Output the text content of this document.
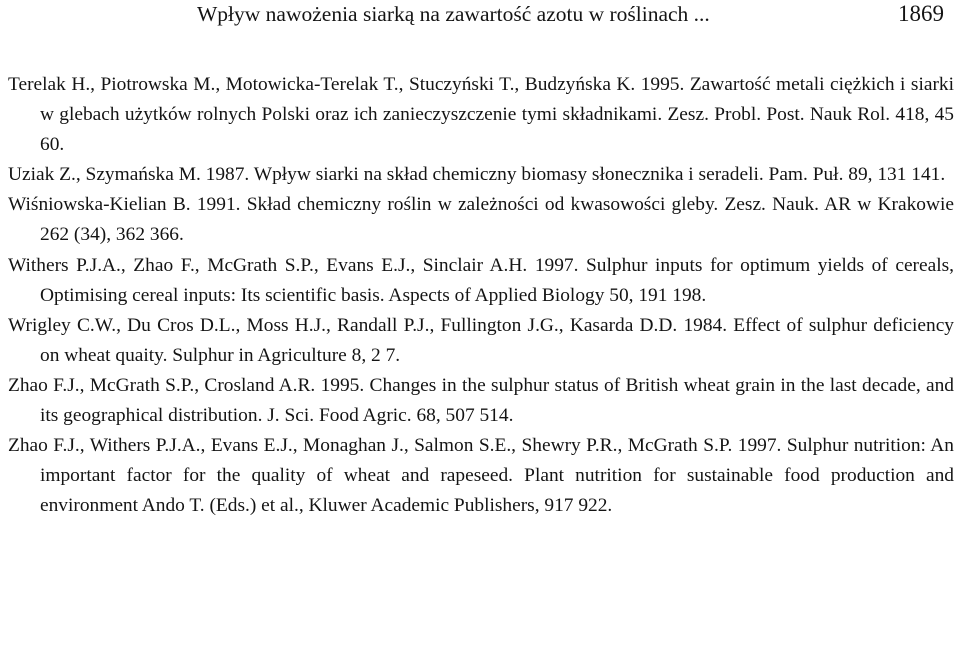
Wpływ nawożenia siarką na zawartość azotu w roślinach ...	1869
Terelak H., Piotrowska M., Motowicka-Terelak T., Stuczyński T., Budzyńska K. 1995. Zawartość metali ciężkich i siarki w glebach użytków rolnych Polski oraz ich zanieczyszczenie tymi składnikami. Zesz. Probl. Post. Nauk Rol. 418, 45 60.
Uziak Z., Szymańska M. 1987. Wpływ siarki na skład chemiczny biomasy słonecznika i seradeli. Pam. Puł. 89, 131 141.
Wiśniowska-Kielian B. 1991. Skład chemiczny roślin w zależności od kwasowości gleby. Zesz. Nauk. AR w Krakowie 262 (34), 362 366.
Withers P.J.A., Zhao F., McGrath S.P., Evans E.J., Sinclair A.H. 1997. Sulphur inputs for optimum yields of cereals, Optimising cereal inputs: Its scientific basis. Aspects of Applied Biology 50, 191 198.
Wrigley C.W., Du Cros D.L., Moss H.J., Randall P.J., Fullington J.G., Kasarda D.D. 1984. Effect of sulphur deficiency on wheat quaity. Sulphur in Agriculture 8, 2 7.
Zhao F.J., McGrath S.P., Crosland A.R. 1995. Changes in the sulphur status of British wheat grain in the last decade, and its geographical distribution. J. Sci. Food Agric. 68, 507 514.
Zhao F.J., Withers P.J.A., Evans E.J., Monaghan J., Salmon S.E., Shewry P.R., McGrath S.P. 1997. Sulphur nutrition: An important factor for the quality of wheat and rapeseed. Plant nutrition for sustainable food production and environment Ando T. (Eds.) et al., Kluwer Academic Publishers, 917 922.
